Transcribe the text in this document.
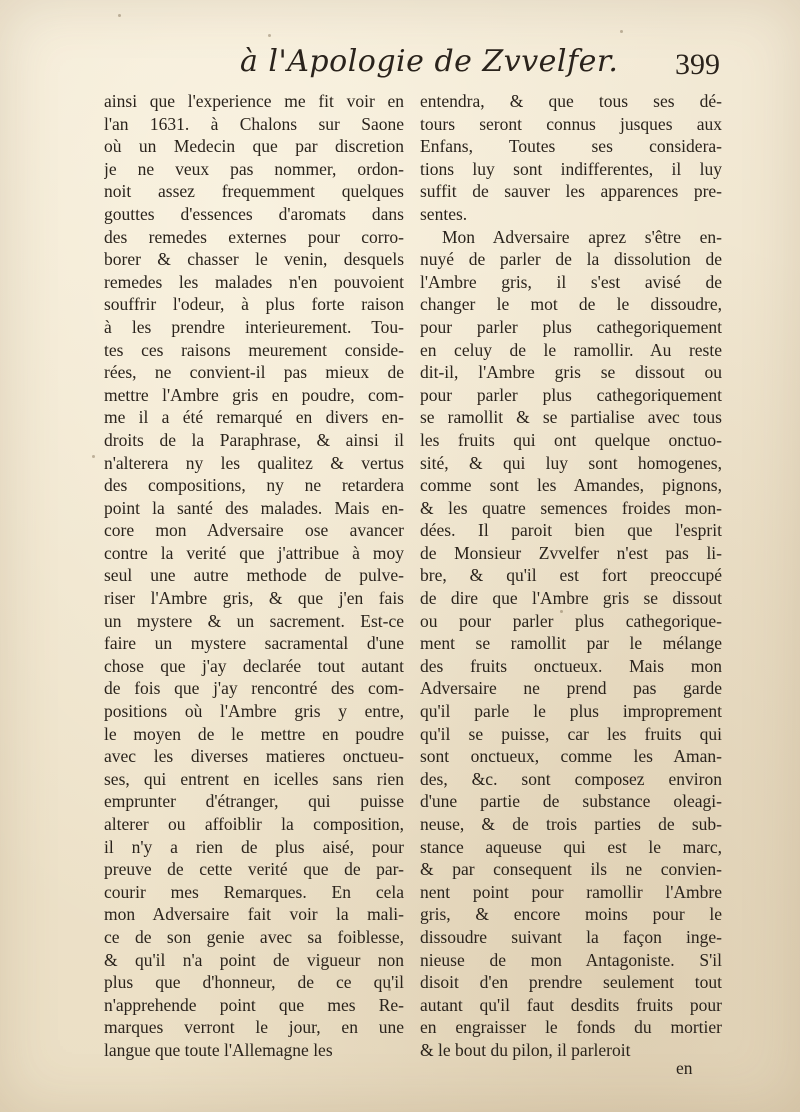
à l'Apologie de Zvvelfer. 399
ainsi que l'experience me fit voir en
l'an 1631. à Chalons sur Saone
où un Medecin que par discretion
je ne veux pas nommer, ordon-
noit assez frequemment quelques
gouttes d'essences d'aromats dans
des remedes externes pour corro-
borer & chasser le venin, desquels
remedes les malades n'en pouvoient
souffrir l'odeur, à plus forte raison
à les prendre interieurement. Tou-
tes ces raisons meurement conside-
rées, ne convient-il pas mieux de
mettre l'Ambre gris en poudre, com-
me il a été remarqué en divers en-
droits de la Paraphrase, & ainsi il
n'alterera ny les qualitez & vertus
des compositions, ny ne retardera
point la santé des malades. Mais en-
core mon Adversaire ose avancer
contre la verité que j'attribue à moy
seul une autre methode de pulve-
riser l'Ambre gris, & que j'en fais
un mystere & un sacrement. Est-ce
faire un mystere sacramental d'une
chose que j'ay declarée tout autant
de fois que j'ay rencontré des com-
positions où l'Ambre gris y entre,
le moyen de le mettre en poudre
avec les diverses matieres onctueu-
ses, qui entrent en icelles sans rien
emprunter d'étranger, qui puisse
alterer ou affoiblir la composition,
il n'y a rien de plus aisé, pour
preuve de cette verité que de par-
courir mes Remarques. En cela
mon Adversaire fait voir la mali-
ce de son genie avec sa foiblesse,
& qu'il n'a point de vigueur non
plus que d'honneur, de ce qu'il
n'apprehende point que mes Re-
marques verront le jour, en une
langue que toute l'Allemagne les
entendra, & que tous ses dé-
tours seront connus jusques aux
Enfans, Toutes ses considera-
tions luy sont indifferentes, il luy
suffit de sauver les apparences pre-
sentes.
Mon Adversaire aprez s'être en-
nuyé de parler de la dissolution de
l'Ambre gris, il s'est avisé de
changer le mot de le dissoudre,
pour parler plus cathegoriquement
en celuy de le ramollir. Au reste
dit-il, l'Ambre gris se dissout ou
pour parler plus cathegoriquement
se ramollit & se partialise avec tous
les fruits qui ont quelque onctuo-
sité, & qui luy sont homogenes,
comme sont les Amandes, pignons,
& les quatre semences froides mon-
dées. Il paroit bien que l'esprit
de Monsieur Zvvelfer n'est pas li-
bre, & qu'il est fort preoccupé
de dire que l'Ambre gris se dissout
ou pour parler plus cathegorique-
ment se ramollit par le mélange
des fruits onctueux. Mais mon
Adversaire ne prend pas garde
qu'il parle le plus improprement
qu'il se puisse, car les fruits qui
sont onctueux, comme les Aman-
des, &c. sont composez environ
d'une partie de substance oleagi-
neuse, & de trois parties de sub-
stance aqueuse qui est le marc,
& par consequent ils ne convien-
nent point pour ramollir l'Ambre
gris, & encore moins pour le
dissoudre suivant la façon inge-
nieuse de mon Antagoniste. S'il
disoit d'en prendre seulement tout
autant qu'il faut desdits fruits pour
en engraisser le fonds du mortier
& le bout du pilon, il parleroit
en
